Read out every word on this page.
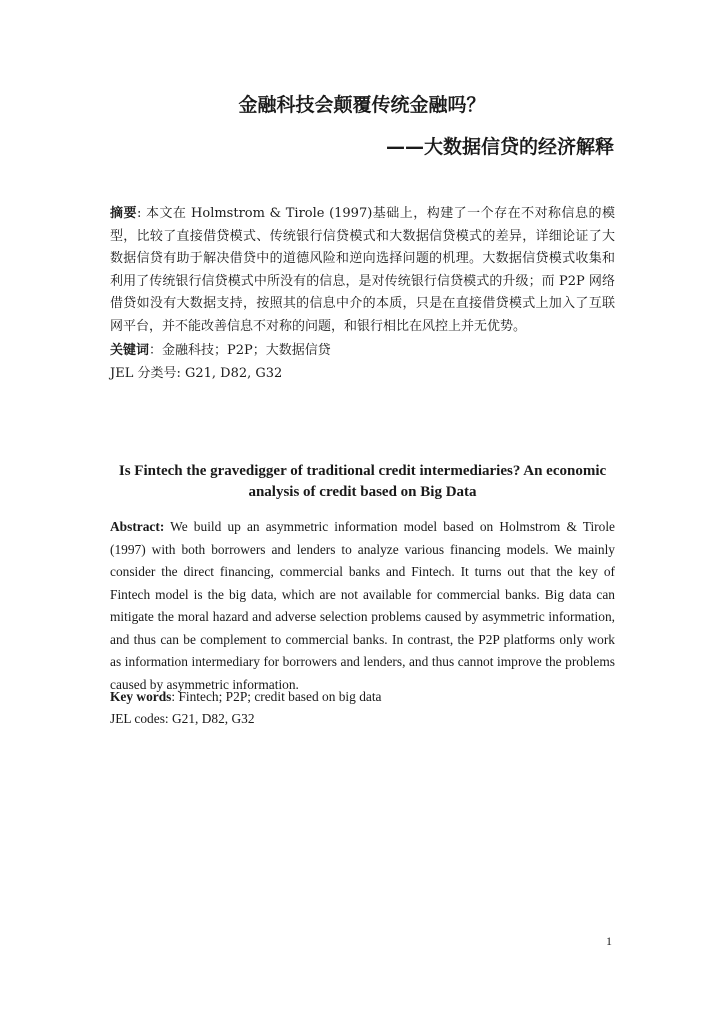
金融科技会颠覆传统金融吗？
——大数据信贷的经济解释

摘要: 本文在 Holmstrom & Tirole (1997)基础上，构建了一个存在不对称信息的模型，比较了直接借贷模式、传统银行信贷模式和大数据信贷模式的差异，详细论证了大数据信贷有助于解决借贷中的道德风险和逆向选择问题的机理。大数据信贷模式收集和利用了传统银行信贷模式中所没有的信息，是对传统银行信贷模式的升级；而 P2P 网络借贷如没有大数据支持，按照其的信息中介的本质，只是在直接借贷模式上加入了互联网平台，并不能改善信息不对称的问题，和银行相比在风控上并无优势。

关键词：金融科技；P2P；大数据信贷

JEL 分类号: G21, D82, G32

Is Fintech the gravedigger of traditional credit intermediaries? An economic analysis of credit based on Big Data

Abstract: We build up an asymmetric information model based on Holmstrom & Tirole (1997) with both borrowers and lenders to analyze various financing models. We mainly consider the direct financing, commercial banks and Fintech. It turns out that the key of Fintech model is the big data, which are not available for commercial banks. Big data can mitigate the moral hazard and adverse selection problems caused by asymmetric information, and thus can be complement to commercial banks. In contrast, the P2P platforms only work as information intermediary for borrowers and lenders, and thus cannot improve the problems caused by asymmetric information.

Key words: Fintech; P2P; credit based on big data

JEL codes: G21, D82, G32

1
